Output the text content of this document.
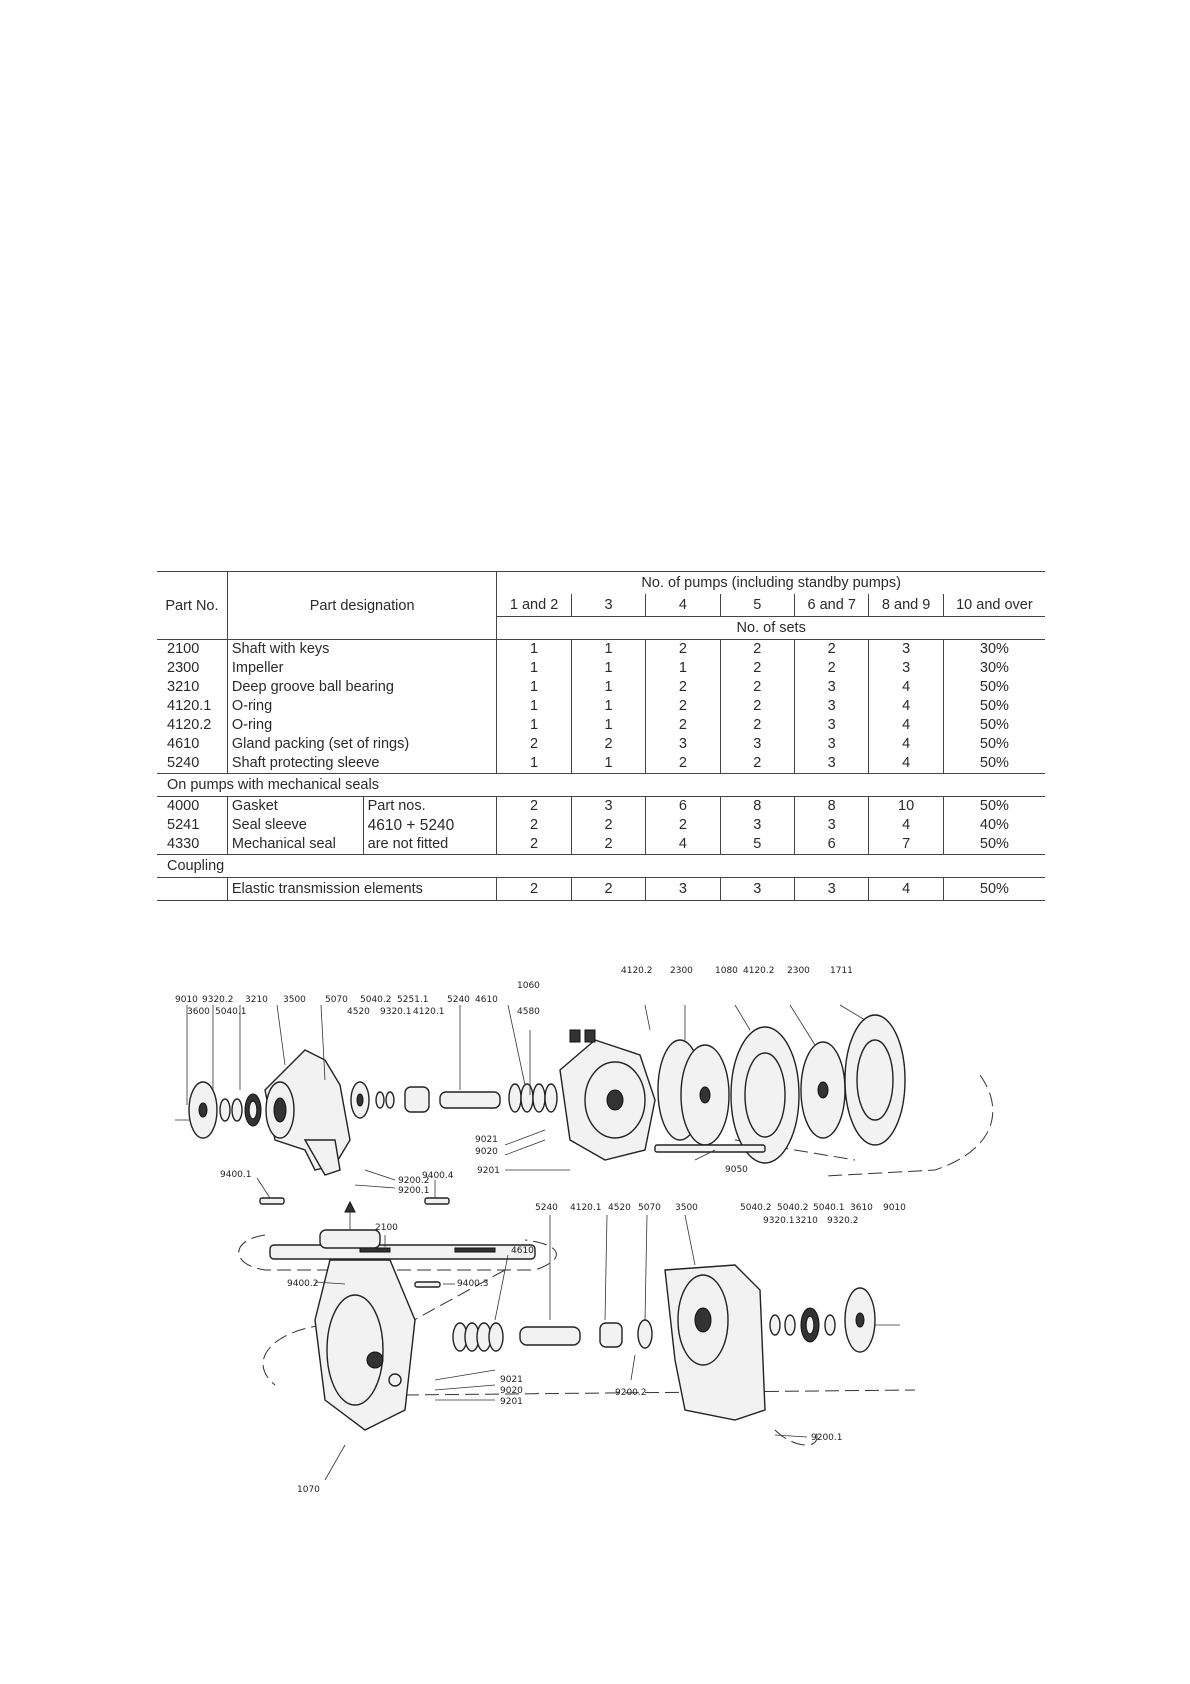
Part No.	Part designation		No. of pumps (including standby pumps)						
			1 and 2	3	4	5	6 and 7	8 and 9	10 and over
			No. of sets						
2100	Shaft with keys		1	1	2	2	2	3	30%
2300	Impeller		1	1	1	2	2	3	30%
3210	Deep groove ball bearing		1	1	2	2	3	4	50%
4120.1	O-ring		1	1	2	2	3	4	50%
4120.2	O-ring		1	1	2	2	3	4	50%
4610	Gland packing (set of rings)		2	2	3	3	3	4	50%
5240	Shaft protecting sleeve		1	1	2	2	3	4	50%
On pumps with mechanical seals									
4000	Gasket	Part nos.	2	3	6	8	8	10	50%
5241	Seal sleeve	4610 + 5240	2	2	2	3	3	4	40%
4330	Mechanical seal	are not fitted	2	2	4	5	6	7	50%
Coupling									
	Elastic transmission elements		2	2	3	3	3	4	50%
9010 9320.2 3210 3500 5070 5040.2 5251.1 5240 4610
3600 5040.1	4520 9320.1 4120.1	4580
1060
4120.2 2300 1080 4120.2 2300 1711
9021
9020
9201	9050
9200.2
9200.1
9400.1	9400.4
2100
9400.2	9400.3
5240 4120.1 4520 5070 3500	5040.2 5040.2 5040.1 3610 9010
9320.1 3210 9320.2
4610
9021
9020
9201
9200.2
9200.1
1070
